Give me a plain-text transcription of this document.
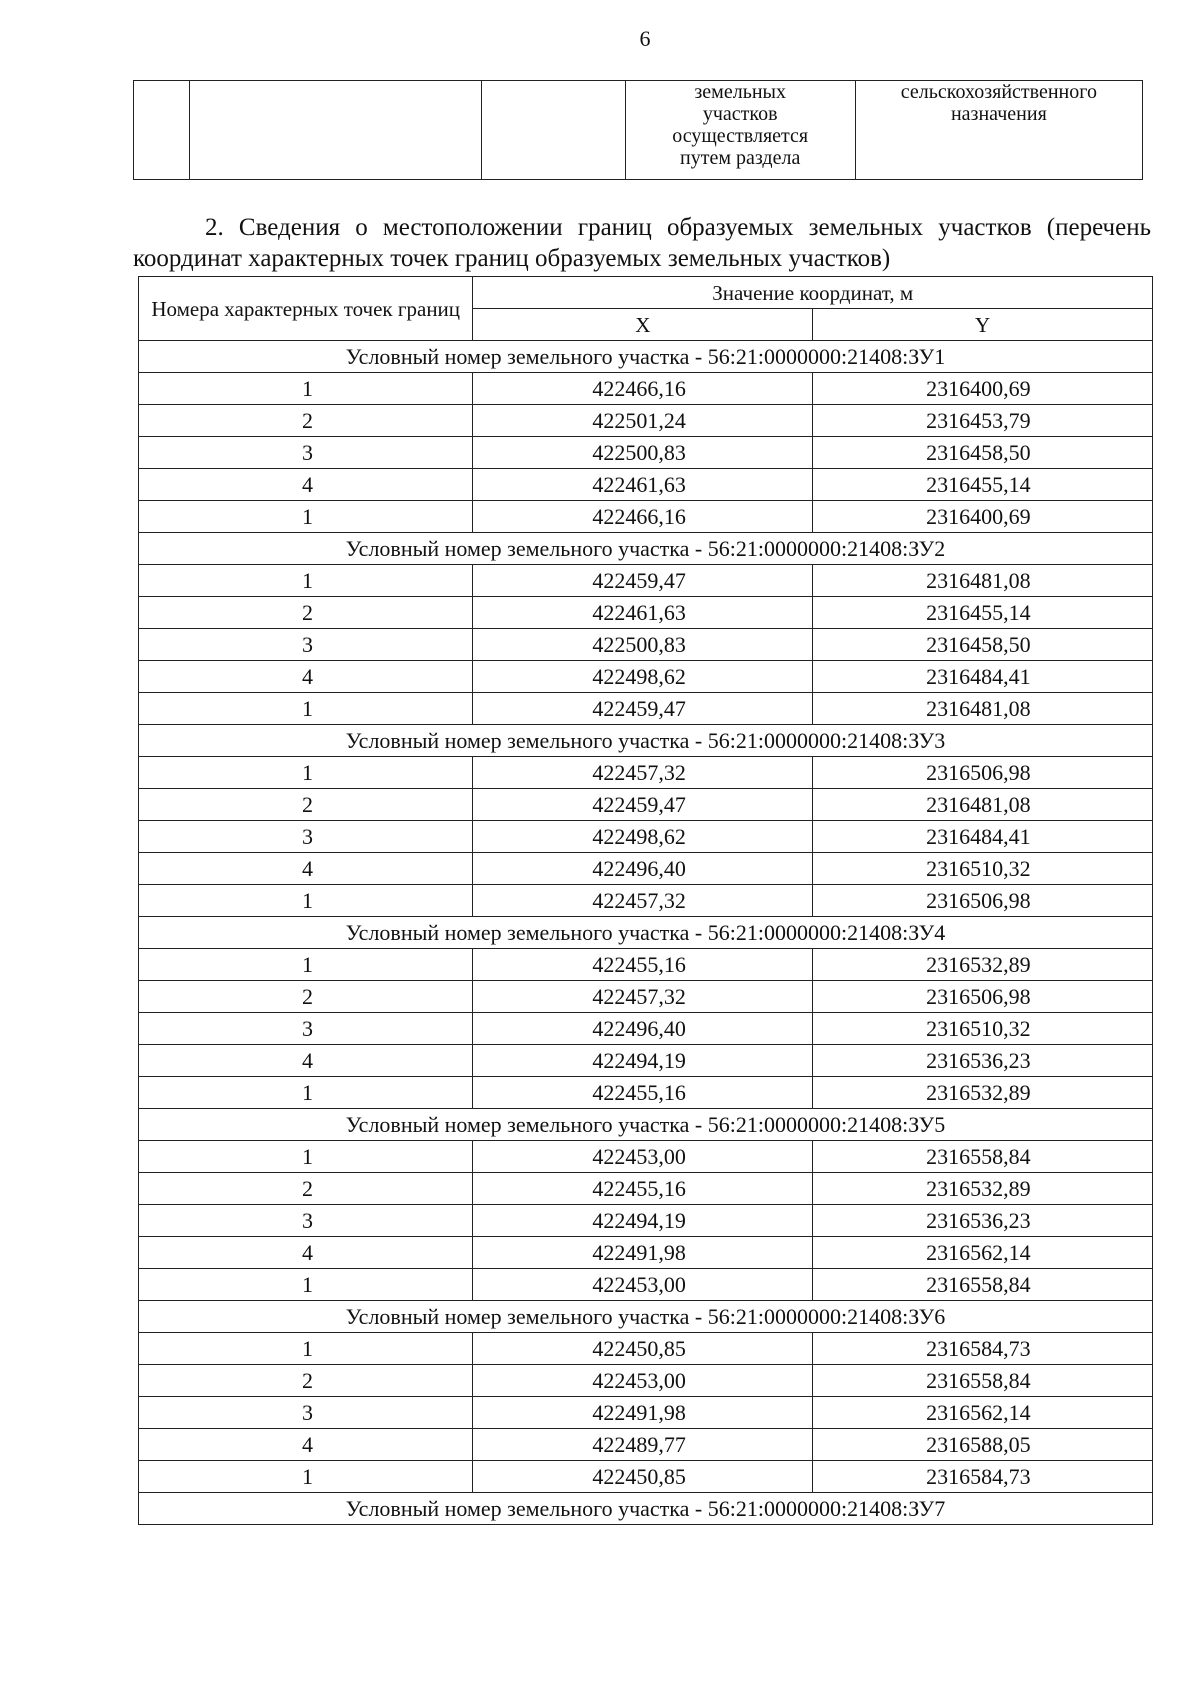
6

земельных
участков
осуществляется
путем раздела

сельскохозяйственного
назначения
2. Сведения о местоположении границ образуемых земельных участков (перечень координат характерных точек границ образуемых земельных участков)
Номера характерных точек границ	Значение координат, м	
	X	Y
Условный номер земельного участка - 56:21:0000000:21408:ЗУ1		
1	422466,16	2316400,69
2	422501,24	2316453,79
3	422500,83	2316458,50
4	422461,63	2316455,14
1	422466,16	2316400,69
Условный номер земельного участка - 56:21:0000000:21408:ЗУ2		
1	422459,47	2316481,08
2	422461,63	2316455,14
3	422500,83	2316458,50
4	422498,62	2316484,41
1	422459,47	2316481,08
Условный номер земельного участка - 56:21:0000000:21408:ЗУ3		
1	422457,32	2316506,98
2	422459,47	2316481,08
3	422498,62	2316484,41
4	422496,40	2316510,32
1	422457,32	2316506,98
Условный номер земельного участка - 56:21:0000000:21408:ЗУ4		
1	422455,16	2316532,89
2	422457,32	2316506,98
3	422496,40	2316510,32
4	422494,19	2316536,23
1	422455,16	2316532,89
Условный номер земельного участка - 56:21:0000000:21408:ЗУ5		
1	422453,00	2316558,84
2	422455,16	2316532,89
3	422494,19	2316536,23
4	422491,98	2316562,14
1	422453,00	2316558,84
Условный номер земельного участка - 56:21:0000000:21408:ЗУ6		
1	422450,85	2316584,73
2	422453,00	2316558,84
3	422491,98	2316562,14
4	422489,77	2316588,05
1	422450,85	2316584,73
Условный номер земельного участка - 56:21:0000000:21408:ЗУ7		
